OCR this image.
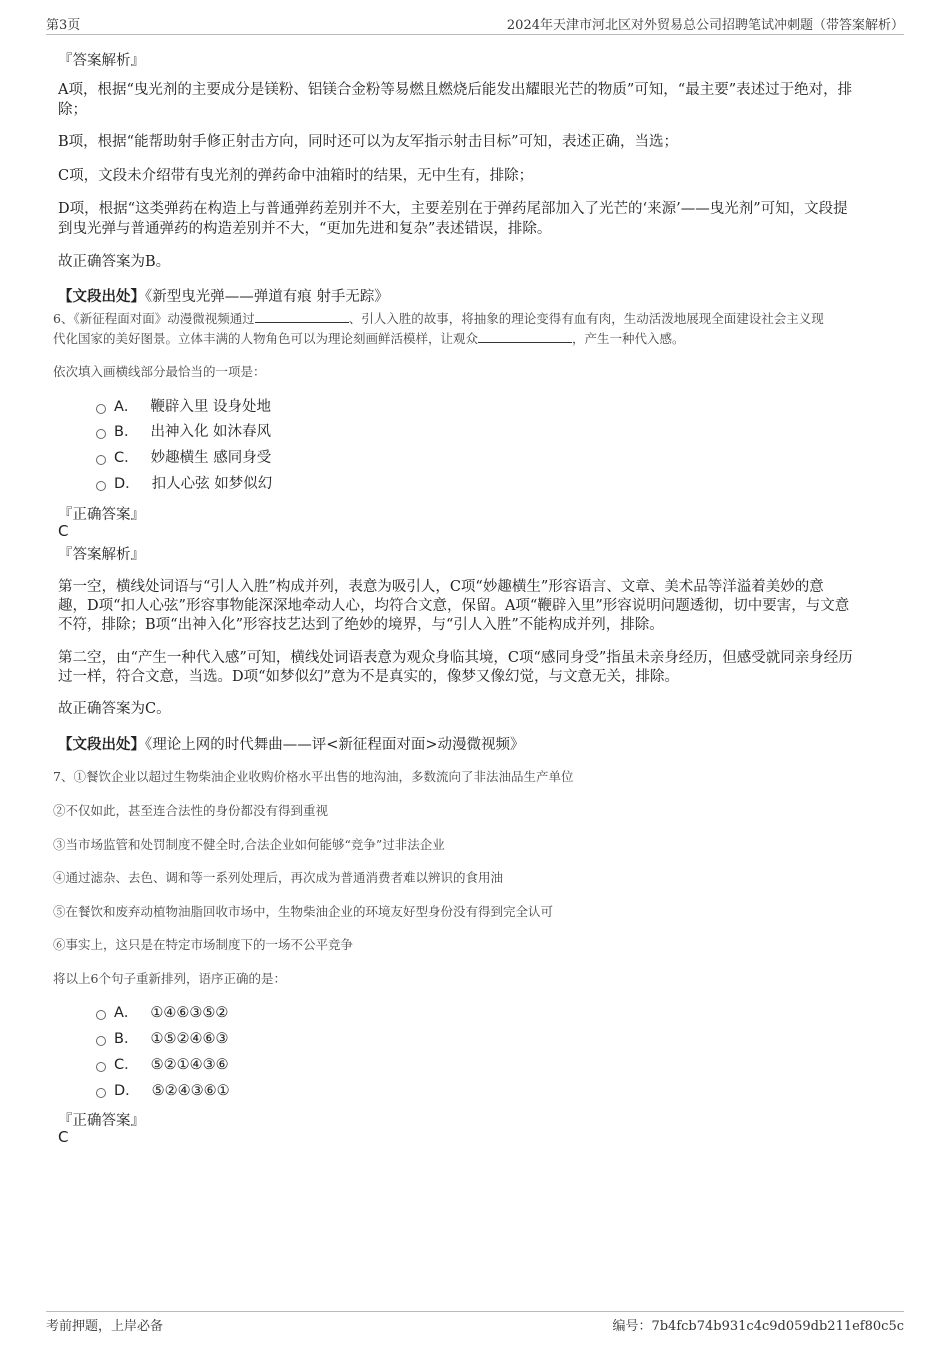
第3页	2024年天津市河北区对外贸易总公司招聘笔试冲刺题（带答案解析）
『答案解析』
A项，根据“曳光剂的主要成分是镁粉、铝镁合金粉等易燃且燃烧后能发出耀眼光芒的物质”可知，“最主要”表述过于绝对，排
除；
B项，根据“能帮助射手修正射击方向，同时还可以为友军指示射击目标”可知，表述正确，当选；
C项，文段未介绍带有曳光剂的弹药命中油箱时的结果，无中生有，排除；
D项，根据“这类弹药在构造上与普通弹药差别并不大，主要差别在于弹药尾部加入了光芒的‘来源’——曳光剂”可知，文段提
到曳光弹与普通弹药的构造差别并不大，“更加先进和复杂”表述错误，排除。
故正确答案为B。
【文段出处】《新型曳光弹——弹道有痕 射手无踪》
6、《新征程面对面》动漫微视频通过	、引人入胜的故事，将抽象的理论变得有血有肉，生动活泼地展现全面建设社会主义现
代化国家的美好图景。立体丰满的人物角色可以为理论刻画鲜活模样，让观众	，产生一种代入感。
依次填入画横线部分最恰当的一项是：
A． 鞭辟入里 设身处地
B． 出神入化 如沐春风
C． 妙趣横生 感同身受
D． 扣人心弦 如梦似幻
『正确答案』
C
『答案解析』
第一空，横线处词语与“引人入胜”构成并列，表意为吸引人，C项“妙趣横生”形容语言、文章、美术品等洋溢着美妙的意
趣，D项“扣人心弦”形容事物能深深地牵动人心，均符合文意，保留。A项“鞭辟入里”形容说明问题透彻，切中要害，与文意
不符，排除；B项“出神入化”形容技艺达到了绝妙的境界，与“引人入胜”不能构成并列，排除。
第二空，由“产生一种代入感”可知，横线处词语表意为观众身临其境，C项“感同身受”指虽未亲身经历，但感受就同亲身经历
过一样，符合文意，当选。D项“如梦似幻”意为不是真实的，像梦又像幻觉，与文意无关，排除。
故正确答案为C。
【文段出处】《理论上网的时代舞曲——评<新征程面对面>动漫微视频》
7、①餐饮企业以超过生物柴油企业收购价格水平出售的地沟油，多数流向了非法油品生产单位
②不仅如此，甚至连合法性的身份都没有得到重视
③当市场监管和处罚制度不健全时,合法企业如何能够“竞争”过非法企业
④通过滤杂、去色、调和等一系列处理后，再次成为普通消费者难以辨识的食用油
⑤在餐饮和废弃动植物油脂回收市场中，生物柴油企业的环境友好型身份没有得到完全认可
⑥事实上，这只是在特定市场制度下的一场不公平竞争
将以上6个句子重新排列，语序正确的是：
A． ①④⑥③⑤②
B． ①⑤②④⑥③
C． ⑤②①④③⑥
D． ⑤②④③⑥①
『正确答案』
C
考前押题，上岸必备	编号：7b4fcb74b931c4c9d059db211ef80c5c
